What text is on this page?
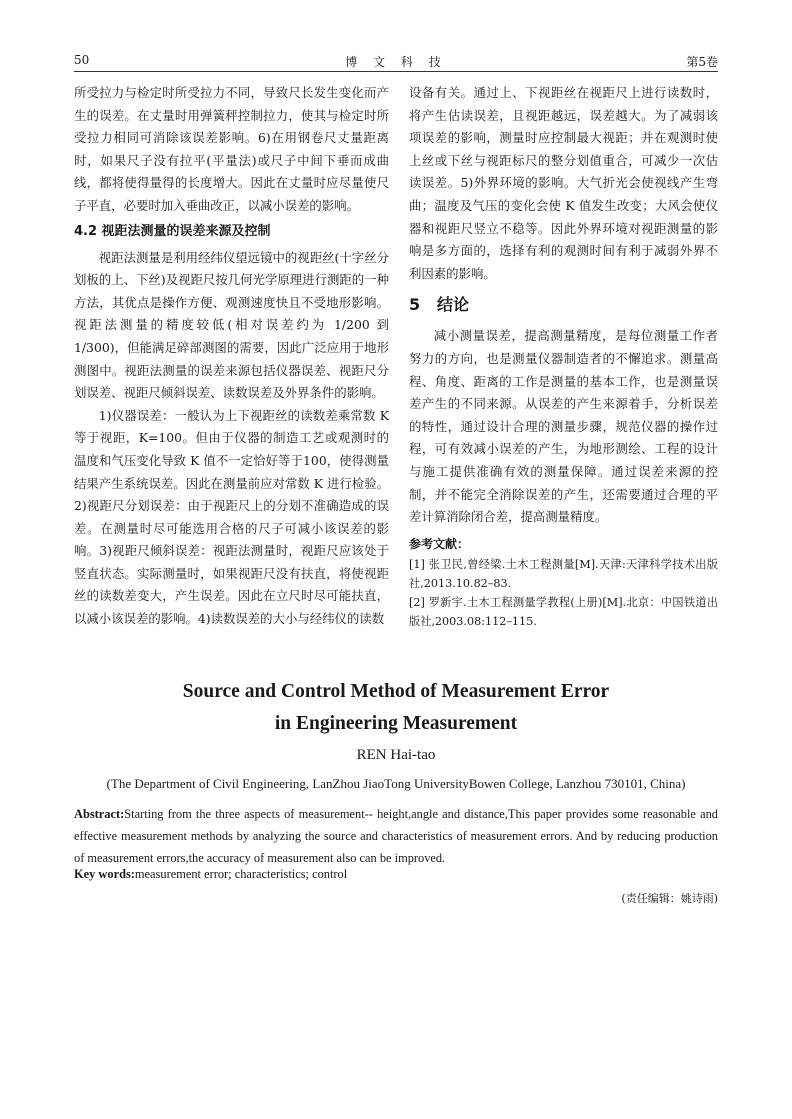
50	博 文 科 技	第5卷

所受拉力与检定时所受拉力不同，导致尺长发生变化而产生的误差。在丈量时用弹簧秤控制拉力，使其与检定时所受拉力相同可消除该误差影响。6)在用钢卷尺丈量距离时，如果尺子没有拉平(平量法)或尺子中间下垂而成曲线，都将使得量得的长度增大。因此在丈量时应尽量使尺子平直，必要时加入垂曲改正，以减小误差的影响。

4.2 视距法测量的误差来源及控制

视距法测量是利用经纬仪望远镜中的视距丝(十字丝分划板的上、下丝)及视距尺按几何光学原理进行测距的一种方法，其优点是操作方便、观测速度快且不受地形影响。视距法测量的精度较低(相对误差约为 1/200 到 1/300)，但能满足碎部测图的需要，因此广泛应用于地形测图中。视距法测量的误差来源包括仪器误差、视距尺分划误差、视距尺倾斜误差、读数误差及外界条件的影响。

1)仪器误差：一般认为上下视距丝的读数差乘常数 K 等于视距，K=100。但由于仪器的制造工艺或观测时的温度和气压变化导致 K 值不一定恰好等于100，使得测量结果产生系统误差。因此在测量前应对常数 K 进行检验。2)视距尺分划误差：由于视距尺上的分划不准确造成的误差。在测量时尽可能选用合格的尺子可减小该误差的影响。3)视距尺倾斜误差：视距法测量时，视距尺应该处于竖直状态。实际测量时，如果视距尺没有扶直，将使视距丝的读数差变大，产生误差。因此在立尺时尽可能扶直，以减小该误差的影响。4)读数误差的大小与经纬仪的读数

设备有关。通过上、下视距丝在视距尺上进行读数时，将产生估读误差，且视距越远，误差越大。为了减弱该项误差的影响，测量时应控制最大视距；并在观测时使上丝或下丝与视距标尺的整分划值重合，可减少一次估读误差。5)外界环境的影响。大气折光会使视线产生弯曲；温度及气压的变化会使 K 值发生改变；大风会使仪器和视距尺竖立不稳等。因此外界环境对视距测量的影响是多方面的，选择有利的观测时间有利于减弱外界不利因素的影响。

5 结论

减小测量误差，提高测量精度，是每位测量工作者努力的方向，也是测量仪器制造者的不懈追求。测量高程、角度、距离的工作是测量的基本工作，也是测量误差产生的不同来源。从误差的产生来源着手，分析误差的特性，通过设计合理的测量步骤，规范仪器的操作过程，可有效减小误差的产生，为地形测绘、工程的设计与施工提供准确有效的测量保障。通过误差来源的控制，并不能完全消除误差的产生，还需要通过合理的平差计算消除闭合差，提高测量精度。

参考文献：

[1] 张卫民,曾经梁.土木工程测量[M].天津:天津科学技术出版社,2013.10.82–83.

[2] 罗新宇.土木工程测量学教程(上册)[M].北京：中国铁道出版社,2003.08:112–115.

Source and Control Method of Measurement Error
in Engineering Measurement
REN Hai-tao
(The Department of Civil Engineering, LanZhou JiaoTong UniversityBowen College, Lanzhou 730101, China)
Abstract:Starting from the three aspects of measurement-- height,angle and distance,This paper provides some reasonable and effective measurement methods by analyzing the source and characteristics of measurement errors. And by reducing production of measurement errors,the accuracy of measurement also can be improved.
Key words:measurement error; characteristics; control
(责任编辑：姚诗雨)
